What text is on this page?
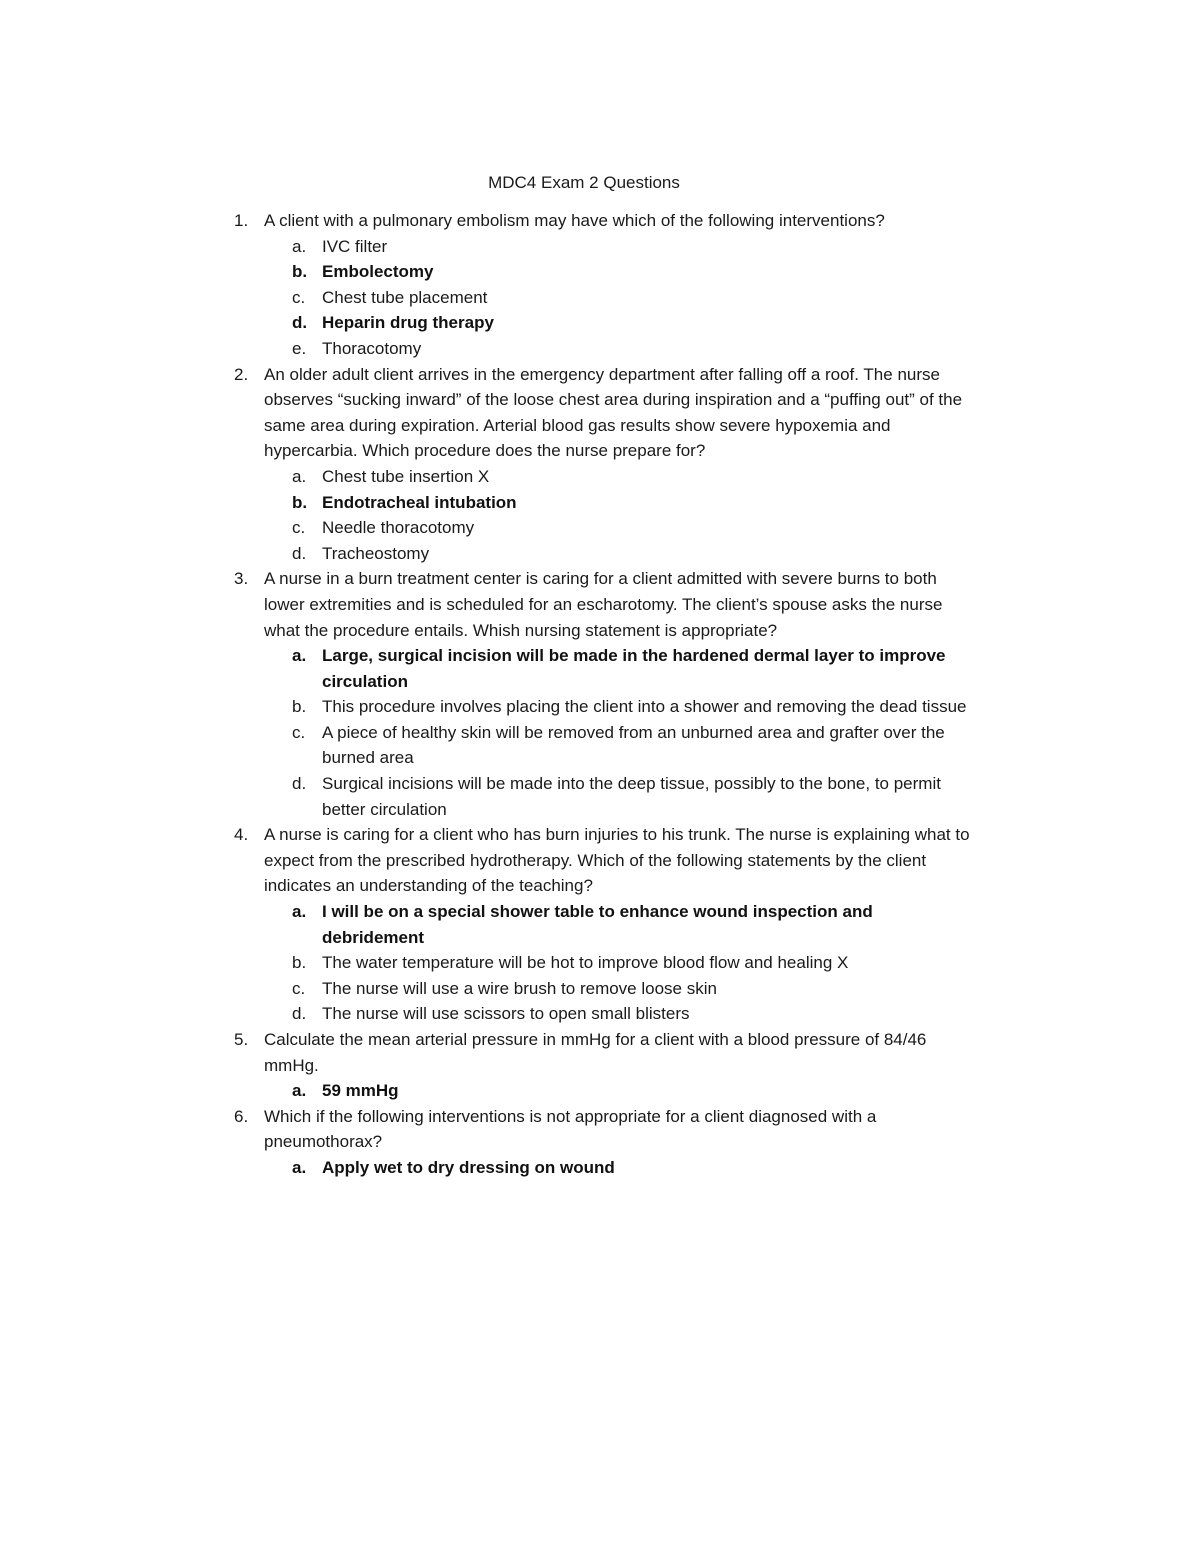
MDC4 Exam 2 Questions
1. A client with a pulmonary embolism may have which of the following interventions?
a. IVC filter
b. Embolectomy
c. Chest tube placement
d. Heparin drug therapy
e. Thoracotomy
2. An older adult client arrives in the emergency department after falling off a roof. The nurse observes “sucking inward” of the loose chest area during inspiration and a “puffing out” of the same area during expiration. Arterial blood gas results show severe hypoxemia and hypercarbia. Which procedure does the nurse prepare for?
a. Chest tube insertion X
b. Endotracheal intubation
c. Needle thoracotomy
d. Tracheostomy
3. A nurse in a burn treatment center is caring for a client admitted with severe burns to both lower extremities and is scheduled for an escharotomy. The client’s spouse asks the nurse what the procedure entails. Whish nursing statement is appropriate?
a. Large, surgical incision will be made in the hardened dermal layer to improve circulation
b. This procedure involves placing the client into a shower and removing the dead tissue
c. A piece of healthy skin will be removed from an unburned area and grafter over the burned area
d. Surgical incisions will be made into the deep tissue, possibly to the bone, to permit better circulation
4. A nurse is caring for a client who has burn injuries to his trunk. The nurse is explaining what to expect from the prescribed hydrotherapy. Which of the following statements by the client indicates an understanding of the teaching?
a. I will be on a special shower table to enhance wound inspection and debridement
b. The water temperature will be hot to improve blood flow and healing X
c. The nurse will use a wire brush to remove loose skin
d. The nurse will use scissors to open small blisters
5. Calculate the mean arterial pressure in mmHg for a client with a blood pressure of 84/46 mmHg.
a. 59 mmHg
6. Which if the following interventions is not appropriate for a client diagnosed with a pneumothorax?
a. Apply wet to dry dressing on wound
